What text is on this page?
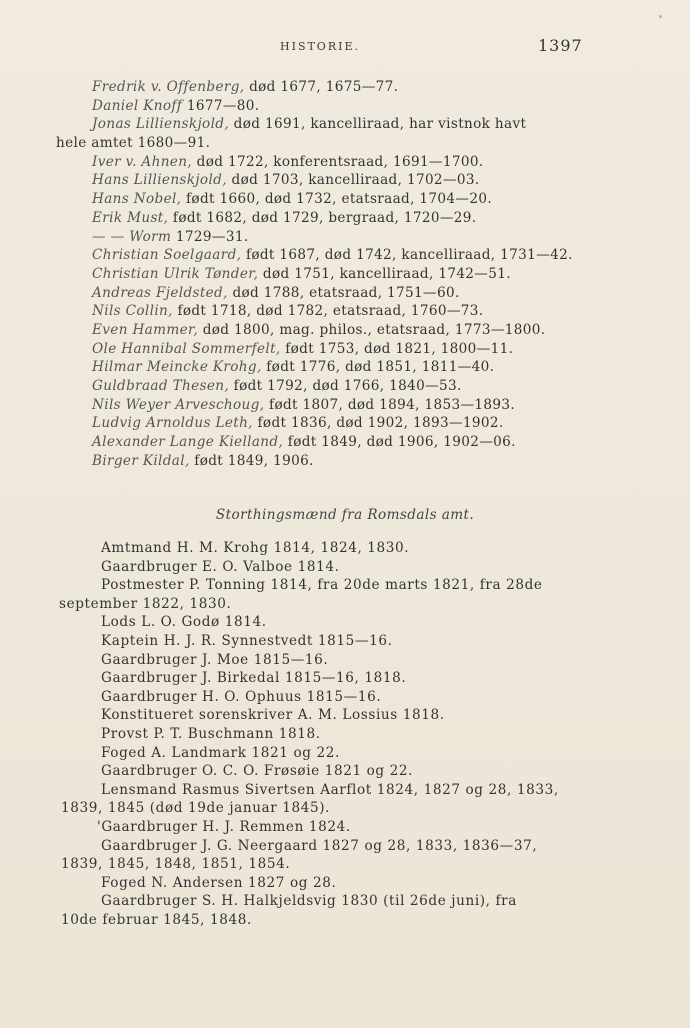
HISTORIE.	1397
Fredrik v. Offenberg, død 1677, 1675—77.
Daniel Knoff 1677—80.
Jonas Lillienskjold, død 1691, kancelliraad, har vistnok havt
hele amtet 1680—91.
Iver v. Ahnen, død 1722, konferentsraad, 1691—1700.
Hans Lillienskjold, død 1703, kancelliraad, 1702—03.
Hans Nobel, født 1660, død 1732, etatsraad, 1704—20.
Erik Must, født 1682, død 1729, bergraad, 1720—29.
— — Worm 1729—31.
Christian Soelgaard, født 1687, død 1742, kancelliraad, 1731—42.
Christian Ulrik Tønder, død 1751, kancelliraad, 1742—51.
Andreas Fjeldsted, død 1788, etatsraad, 1751—60.
Nils Collin, født 1718, død 1782, etatsraad, 1760—73.
Even Hammer, død 1800, mag. philos., etatsraad, 1773—1800.
Ole Hannibal Sommerfelt, født 1753, død 1821, 1800—11.
Hilmar Meincke Krohg, født 1776, død 1851, 1811—40.
Guldbraad Thesen, født 1792, død 1766, 1840—53.
Nils Weyer Arveschoug, født 1807, død 1894, 1853—1893.
Ludvig Arnoldus Leth, født 1836, død 1902, 1893—1902.
Alexander Lange Kielland, født 1849, død 1906, 1902—06.
Birger Kildal, født 1849, 1906.
Storthingsmænd fra Romsdals amt.
Amtmand H. M. Krohg 1814, 1824, 1830.
Gaardbruger E. O. Valboe 1814.
Postmester P. Tonning 1814, fra 20de marts 1821, fra 28de
september 1822, 1830.
Lods L. O. Godø 1814.
Kaptein H. J. R. Synnestvedt 1815—16.
Gaardbruger J. Moe 1815—16.
Gaardbruger J. Birkedal 1815—16, 1818.
Gaardbruger H. O. Ophuus 1815—16.
Konstitueret sorenskriver A. M. Lossius 1818.
Provst P. T. Buschmann 1818.
Foged A. Landmark 1821 og 22.
Gaardbruger O. C. O. Frøsøie 1821 og 22.
Lensmand Rasmus Sivertsen Aarflot 1824, 1827 og 28, 1833,
1839, 1845 (død 19de januar 1845).
'Gaardbruger H. J. Remmen 1824.
Gaardbruger J. G. Neergaard 1827 og 28, 1833, 1836—37,
1839, 1845, 1848, 1851, 1854.
Foged N. Andersen 1827 og 28.
Gaardbruger S. H. Halkjeldsvig 1830 (til 26de juni), fra
10de februar 1845, 1848.
